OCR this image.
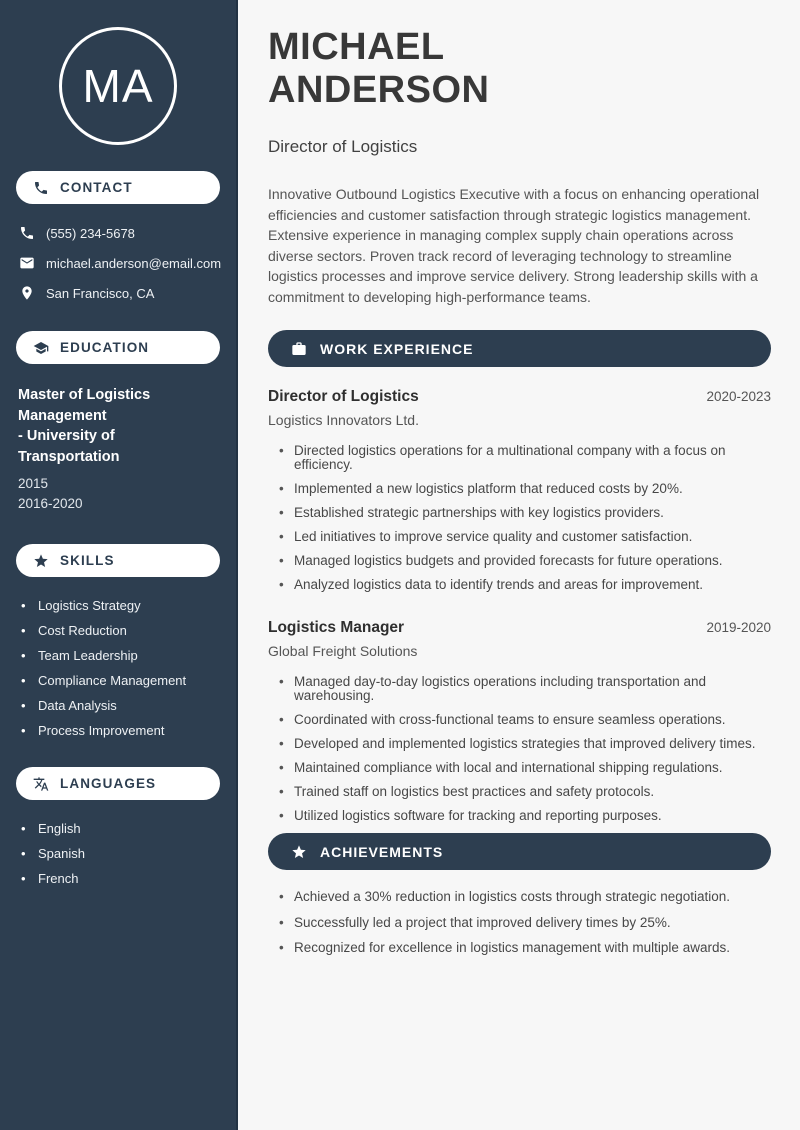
MA
CONTACT
(555) 234-5678
michael.anderson@email.com
San Francisco, CA
EDUCATION
Master of Logistics Management
- University of Transportation
2015
2016-2020
SKILLS
• Logistics Strategy
• Cost Reduction
• Team Leadership
• Compliance Management
• Data Analysis
• Process Improvement
LANGUAGES
• English
• Spanish
• French
MICHAEL
ANDERSON
Director of Logistics

Innovative Outbound Logistics Executive with a focus on enhancing operational efficiencies and customer satisfaction through strategic logistics management. Extensive experience in managing complex supply chain operations across diverse sectors. Proven track record of leveraging technology to streamline logistics processes and improve service delivery. Strong leadership skills with a commitment to developing high-performance teams.

WORK EXPERIENCE
Director of Logistics	2020-2023
Logistics Innovators Ltd.
• Directed logistics operations for a multinational company with a focus on efficiency.
• Implemented a new logistics platform that reduced costs by 20%.
• Established strategic partnerships with key logistics providers.
• Led initiatives to improve service quality and customer satisfaction.
• Managed logistics budgets and provided forecasts for future operations.
• Analyzed logistics data to identify trends and areas for improvement.
Logistics Manager	2019-2020
Global Freight Solutions
• Managed day-to-day logistics operations including transportation and warehousing.
• Coordinated with cross-functional teams to ensure seamless operations.
• Developed and implemented logistics strategies that improved delivery times.
• Maintained compliance with local and international shipping regulations.
• Trained staff on logistics best practices and safety protocols.
• Utilized logistics software for tracking and reporting purposes.
ACHIEVEMENTS
• Achieved a 30% reduction in logistics costs through strategic negotiation.
• Successfully led a project that improved delivery times by 25%.
• Recognized for excellence in logistics management with multiple awards.
